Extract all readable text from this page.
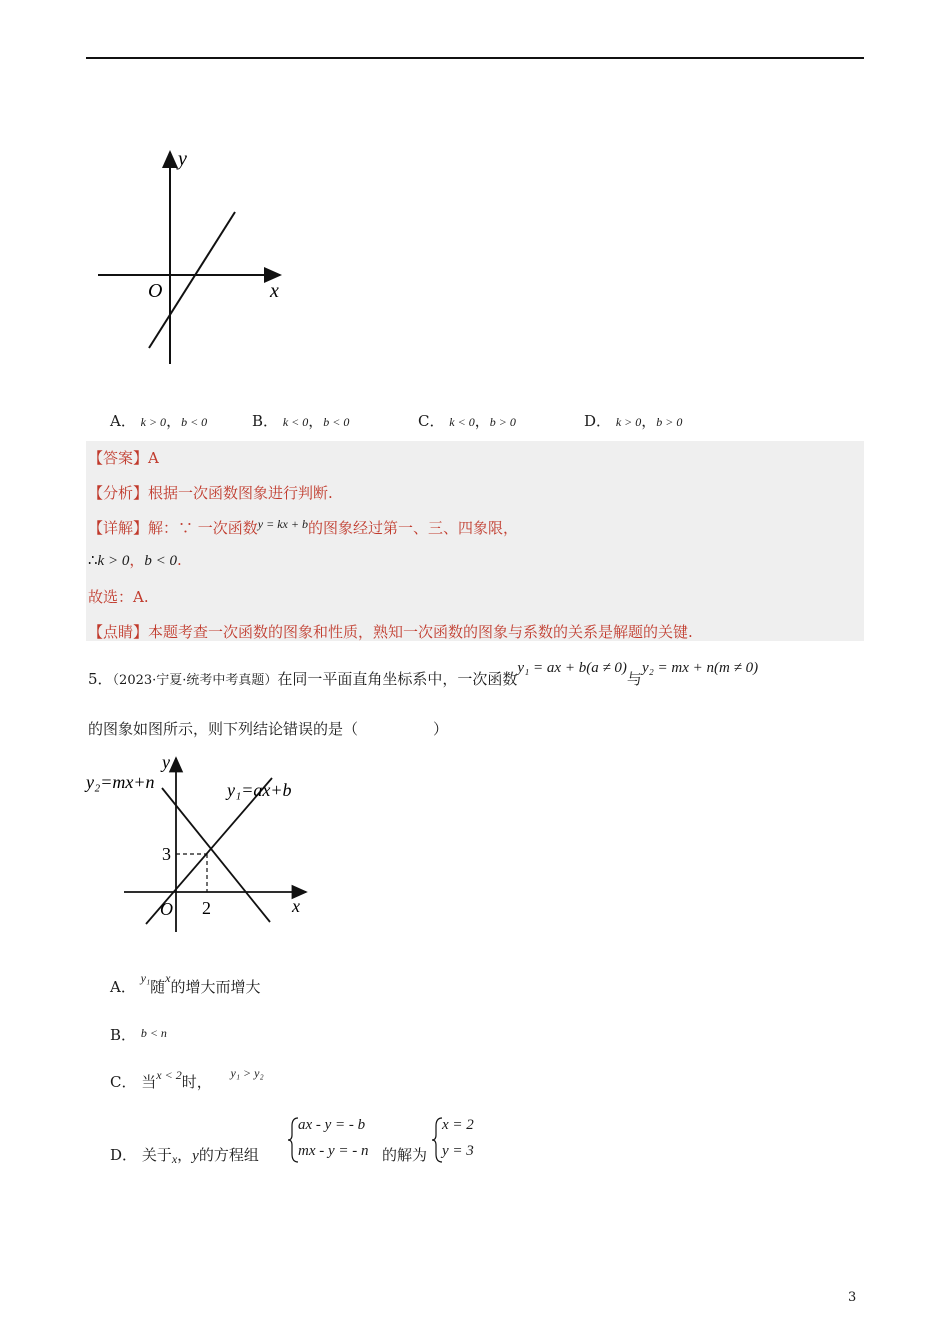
y
x
O
A． k > 0，b < 0	B． k < 0，b < 0	C． k < 0，b > 0	D． k > 0，b > 0
【答案】A
【分析】根据一次函数图象进行判断.
【详解】解：∵ 一次函数$^{y = kx + b}$的图象经过第一、三、四象限，
∴k > 0，b < 0.
故选：A.
【点睛】本题考查一次函数的图象和性质，熟知一次函数的图象与系数的关系是解题的关键.
5．（2023·宁夏·统考中考真题）在同一平面直角坐标系中，一次函数y₁ = ax + b(a ≠ 0)与y₂ = mx + n(m ≠ 0)
的图象如图所示，则下列结论错误的是（　　　　　）
y
x
O 2
3
y₁=ax+b
y₂=mx+n
A． $^{y_1}$随$^x$的增大而增大
B． $^{b < n}$
C． 当$^{x < 2}$时， $^{y_1 > y_2}$
D． 关于$_x$，y的方程组
ax - y = - b
mx - y = - n 的解为
x = 2
y = 3
3
